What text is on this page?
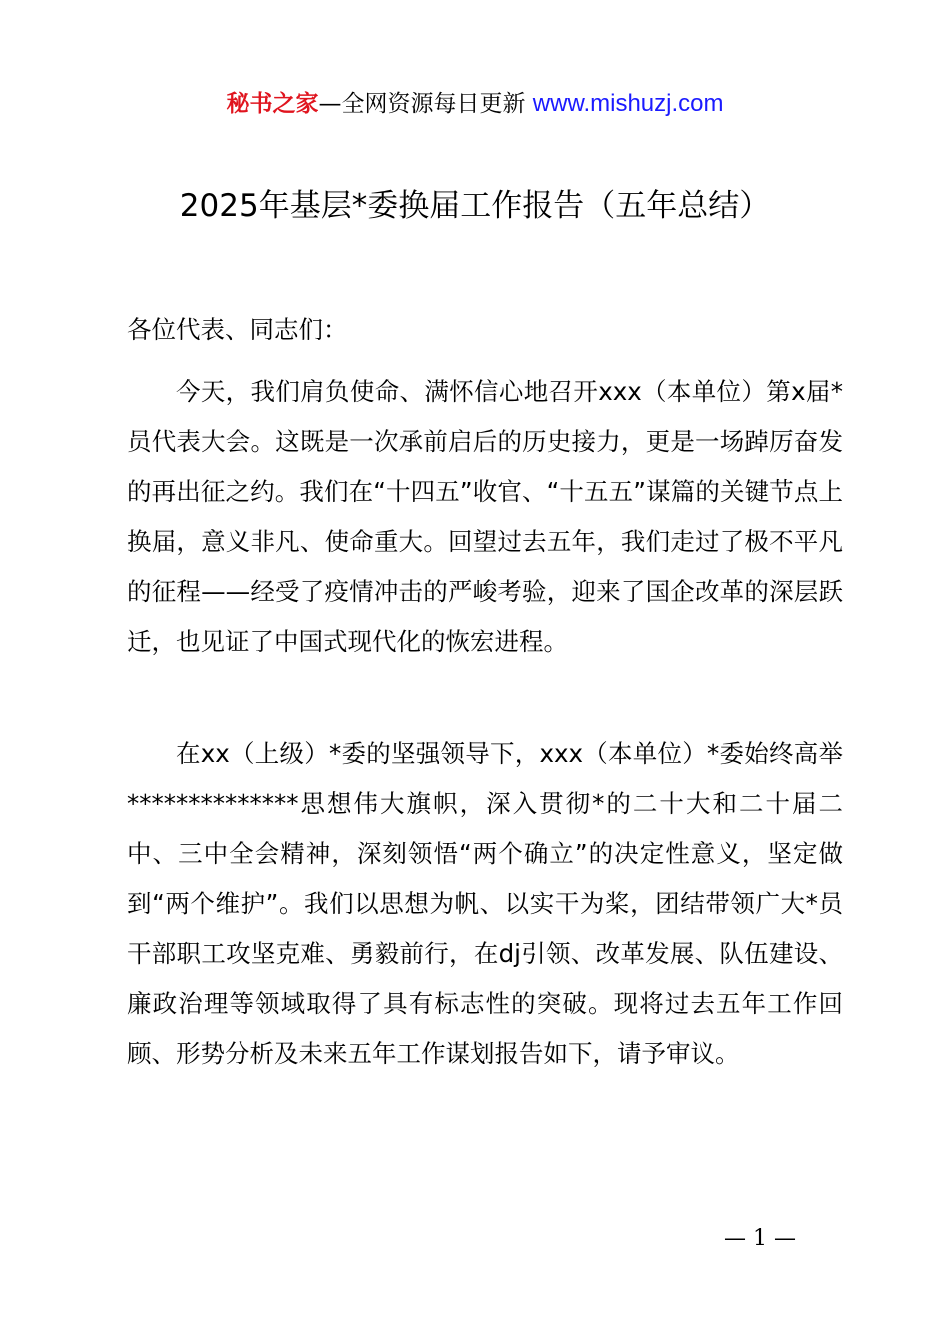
秘书之家—全网资源每日更新 www.mishuzj.com
2025年基层*委换届工作报告（五年总结）
各位代表、同志们：

今天，我们肩负使命、满怀信心地召开xxx（本单位）第x届*员代表大会。这既是一次承前启后的历史接力，更是一场踔厉奋发的再出征之约。我们在“十四五”收官、“十五五”谋篇的关键节点上换届，意义非凡、使命重大。回望过去五年，我们走过了极不平凡的征程——经受了疫情冲击的严峻考验，迎来了国企改革的深层跃迁，也见证了中国式现代化的恢宏进程。

在xx（上级）*委的坚强领导下，xxx（本单位）*委始终高举**************思想伟大旗帜，深入贯彻*的二十大和二十届二中、三中全会精神，深刻领悟“两个确立”的决定性意义，坚定做到“两个维护”。我们以思想为帆、以实干为桨，团结带领广大*员干部职工攻坚克难、勇毅前行，在dj引领、改革发展、队伍建设、廉政治理等领域取得了具有标志性的突破。现将过去五年工作回顾、形势分析及未来五年工作谋划报告如下，请予审议。

— 1 —
